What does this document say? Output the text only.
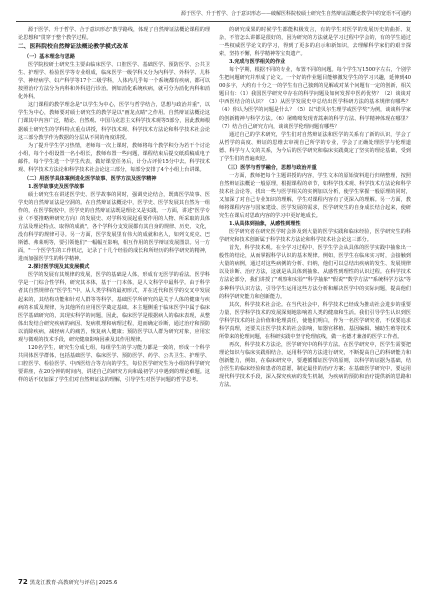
源于医学、升于哲学、合于意识形态——破解医科院校硕士研究生自然辩证法概论教学中的宽语不可通约

源于医学、升于哲学、合于意识形态"教学路线，体现了自然辩证法概论课程的理论思想和"贯穿于整个教学过程。

二、医科院校自然辩证法概论教学模式改革
（一）基本理念与思路

医学院校研士研究生主要由临床医学、口腔医学、基础医学、预防医学、公共卫生、护理学、检验医学等专业组成，临床医学一级学科又分为内科学、外科学、儿科学、神经病学、妇产科学等17个二级学科，人体内几乎每一个系统都有疾病，都可以按照治疗方法分为内科和外科进行诊治。例如消化系统疾病，就可分为消化内科和消化外科。

这门课程的教学理念是"以学生为中心，医学与哲学结合，思想与政治并重"，以学生为中心，教师要对硕士研究生的教学是以"画龙点睛"之作用。自然辩证法概论这门课其中内容广泛，精论、自然观、中国马克思主义科学技术观等5部分，因此教师根据硕士研究生的学科特点重点讲授，科学技术观、科学技术方法论和科学技术社会论这三部分教学作为数据的分层从不同的角度讲授。

为了提升学生学习热情，老师每一次上课时，教师将每个教学积分为若干个讨论小组，每个小组设置一名小组长，教师布置一些问题，课程结束后提交纸质稿成电子邮件。每个学生选一个学生代表，做好课堂任务后，计分占评价15分中去。科学技术观、科学技术方法论和科学技术社会论这三部分，每部分安排了4个小组上台讲课。

（二）用医学具体案例进化医学故事、医学方法及医学精神
1.医学故事史及医学故事

硕士研究生在讲述医学史、医学故事的同时，强调史论结合，既离医学故事、医学史的自然辩证法是空洞的。在自然辩证法概论中，医学史、医学发展其自然为一组作的，在医学院校中，医学史的自然辩证法既是理论又是实践。一方面，讲述"医学专业（不要推略辨研究方向）的发展史、对学科发展起重要作用的人物、所采取的具体方法及理论特点、取得的成就"，各个学科分支发展都有其自身的规律、历史、文化，没有科学的规律可寻。另一方面，医学发展里有伟大的成就和名人，如列文虎克、巴斯德、弗莱明等，要引领他们"一幅幅互影响，相互作用的医学辩证发展图景。另一方面，"一个医学生的工作机记，记录了十几个经验的成长和所经历的科学研究的精神，进而加强医学生的科学精神。

2.探讨医学现及其发展模式

医学的发展有其规律的发展，医学的基础是人体，形成有无医学的看法。医学科学是一门综合性学科，研究其本体，基于一门本体，是人文科学中最科学。由于科学者其自然规律在"医学生"中，从人类学科的最初形式，并在近代和医学的交叉中发展起来的，其结构功能和针对人群等等科学。基础医学所研究的是关于人体的健康与疾病的本质及规律，为其他所有应用医学奠定基础。本主题侧重于临床医学中属于临床医学基础研究的，其现实科学的问题，因此，临床医学是根据病人的临床表现，从整体出发结合研究疾病的病因、发病机理和病理过程，进而确定诊断，通过治疗和预防以消除疾病，减轻病人的痛苦，恢复病人健康；预防医学以人群为研究对象，应用宏观与微观的技术手段，研究健康影响因素及其作用规律。

120名学生，研究生分成七组，每组学生的学习能力都是一致的，形成一个科学共同体医学群体，包括基础医学、临床医学、预防医学、药学、公共卫生、护理学、口腔医学、检验医学、中西医结合等方向的学生，每位医学研究生为小组的科学研究要讲座，在20分钟的时间内，讲述自己的研究方向和最初学习中遇到的理论难题。这样的话不仅加深了学生们对自然辩证法的理解，引导学生对医学问题的哲学思考。

的研究成果的时候学生都能积极发言，有的学生对医学的发展历史的曲折、复杂，不管怎么讲都是很好的，因为研究的方法就是学习过程中学会的，有的学生通过一些权威医学论文的学习，得到了更多的启示和新知识，去理解科学家们的艰辛探索，坚持不懈，科学精神等宝贵遗产。

3.完成与医学相关的作业

每个学期，根据不同的专业，布置不同的问题。每个学生写1500字左右，个别学生把问题研究并形成了论文。一个好的作业题目能够激发学生的学习兴趣，延伸到4000多字，大约有十分之一的学生有自己独到的见解或对某个问题有一定的创新，相关题目有：（1）我国医学研究中存在的科学问题及如何发挥中医药优势？（2）谈谈对中西医结合的认识？（3）从医学发展史中总结出医学科研方法的基本规律有哪些？（4）你认为医学的问题是什么？（5）以"诺贝尔生理学或医学奖"为例，谈谈科学家的创新精神与科学方法。（6）屠呦呦发现青蒿素的科学方法、科学精神体现在哪里？（7）结合自己研究方向，谈谈医学伦理问题有哪些？

通过自己的学术研究，学生们对自然辩证法和医学的关系有了新的认识，学会了从哲学的高度、辩证的思维去审视自己所学的专业，学会了正确处理医学与伦理道德、科学与人文的关系，为今后的医学研究和临床实践奠定了坚实的理论基础，受到了学生们的普遍欢迎。

（三）医学与哲学融合，思想与政治并重

一方面，教师把每个主题讲授的内容，学生文本的原始资料进行归纳整理，按照自然辩证法概论一般原理，根据课程的章节，如科学技术观、科学技术方法论和科学技术社会论等，找出一些与医学相关的实例加以分析，使学生掌握一般原理的同时，又加深了对自己专业知识的理解，学生对课程内容有了更深入的理解。另一方面，教师将课程内容与国家建设、医学发展的需求，医学研究生的自身成长结合起来，使研究生在课后对思政内容的学习中更好地成长。

1.从具体到抽象，从感性到理性

医学研究者在研究医学时会涉及到大量的医学实践和临床经验，医学研究生的科学研究和技术创新属于科学技术方法论和科学技术社会论这三部分。

首先，科学技术观。在全学习过程中，医学生学会从具体的医学实践中抽象出一般性的结论，从而掌握科学认识的基本规律。例如，医学生在临床实习时，会接触到大量的病例，通过对这些病例的分析、归纳，他们可以总结出疾病的发生、发展规律以及诊断、治疗方法，这就是从具体到抽象、从感性到理性的认识过程。在科学技术方法论部分，我们讲授了"观察和实验""科学抽象""假说""数学方法""系统科学方法"等多种科学认识方法，引导学生运用这些方法分析和解决医学中的实际问题，提高他们的科学研究能力和创新能力。

其次，科学技术社会论。在当代社会中，科学技术已经成为推动社会进步的重要力量，医学科学技术的发展深刻地影响着人类的健康和生活。我们引导学生认识到医学科学技术的社会价值和伦理责任，使他们明白，作为一名医学研究者，不仅要追求科学真理，还要关注医学技术的社会影响，如器官移植、基因编辑、辅助生殖等技术所带来的伦理问题，在科研实践中坚守伦理底线，做一名德才兼备的医学工作者。

再次，科学技术方法论，医学研究中的科学方法。在医学研究中，医学生需要把理论知识与临床实践相结合，运用科学的方法进行研究，不断提高自己的科研能力和创新能力，例如，在临床研究中，要遵循循证医学的原则，以科学的证据为基础，结合医生的临床经验和患者的意愿，制定最佳的治疗方案；在基础医学研究中，要运用现代科学技术手段，深入探究疾病的发生机制，为疾病的预防和治疗提供新的思路和方法。

72 黑龙江教育·高教研究与评估|2025.6
